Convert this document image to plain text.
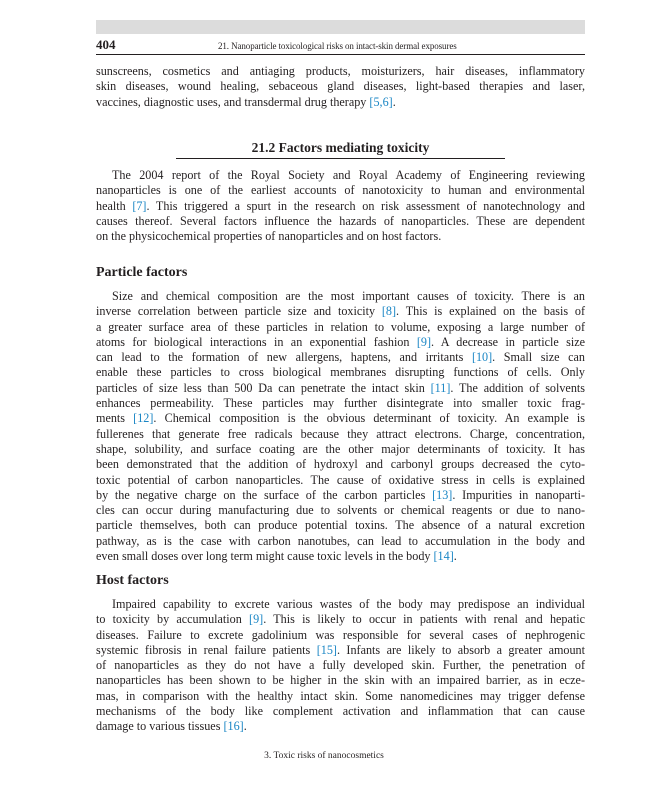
404	21. Nanoparticle toxicological risks on intact-skin dermal exposures
sunscreens, cosmetics and antiaging products, moisturizers, hair diseases, inflammatory
skin diseases, wound healing, sebaceous gland diseases, light-based therapies and laser,
vaccines, diagnostic uses, and transdermal drug therapy [5,6].
21.2 Factors mediating toxicity
The 2004 report of the Royal Society and Royal Academy of Engineering reviewing
nanoparticles is one of the earliest accounts of nanotoxicity to human and environmental
health [7]. This triggered a spurt in the research on risk assessment of nanotechnology and
causes thereof. Several factors influence the hazards of nanoparticles. These are dependent
on the physicochemical properties of nanoparticles and on host factors.
Particle factors
Size and chemical composition are the most important causes of toxicity. There is an
inverse correlation between particle size and toxicity [8]. This is explained on the basis of
a greater surface area of these particles in relation to volume, exposing a large number of
atoms for biological interactions in an exponential fashion [9]. A decrease in particle size
can lead to the formation of new allergens, haptens, and irritants [10]. Small size can
enable these particles to cross biological membranes disrupting functions of cells. Only
particles of size less than 500 Da can penetrate the intact skin [11]. The addition of solvents
enhances permeability. These particles may further disintegrate into smaller toxic frag-
ments [12]. Chemical composition is the obvious determinant of toxicity. An example is
fullerenes that generate free radicals because they attract electrons. Charge, concentration,
shape, solubility, and surface coating are the other major determinants of toxicity. It has
been demonstrated that the addition of hydroxyl and carbonyl groups decreased the cyto-
toxic potential of carbon nanoparticles. The cause of oxidative stress in cells is explained
by the negative charge on the surface of the carbon particles [13]. Impurities in nanoparti-
cles can occur during manufacturing due to solvents or chemical reagents or due to nano-
particle themselves, both can produce potential toxins. The absence of a natural excretion
pathway, as is the case with carbon nanotubes, can lead to accumulation in the body and
even small doses over long term might cause toxic levels in the body [14].
Host factors
Impaired capability to excrete various wastes of the body may predispose an individual
to toxicity by accumulation [9]. This is likely to occur in patients with renal and hepatic
diseases. Failure to excrete gadolinium was responsible for several cases of nephrogenic
systemic fibrosis in renal failure patients [15]. Infants are likely to absorb a greater amount
of nanoparticles as they do not have a fully developed skin. Further, the penetration of
nanoparticles has been shown to be higher in the skin with an impaired barrier, as in ecze-
mas, in comparison with the healthy intact skin. Some nanomedicines may trigger defense
mechanisms of the body like complement activation and inflammation that can cause
damage to various tissues [16].
3. Toxic risks of nanocosmetics
